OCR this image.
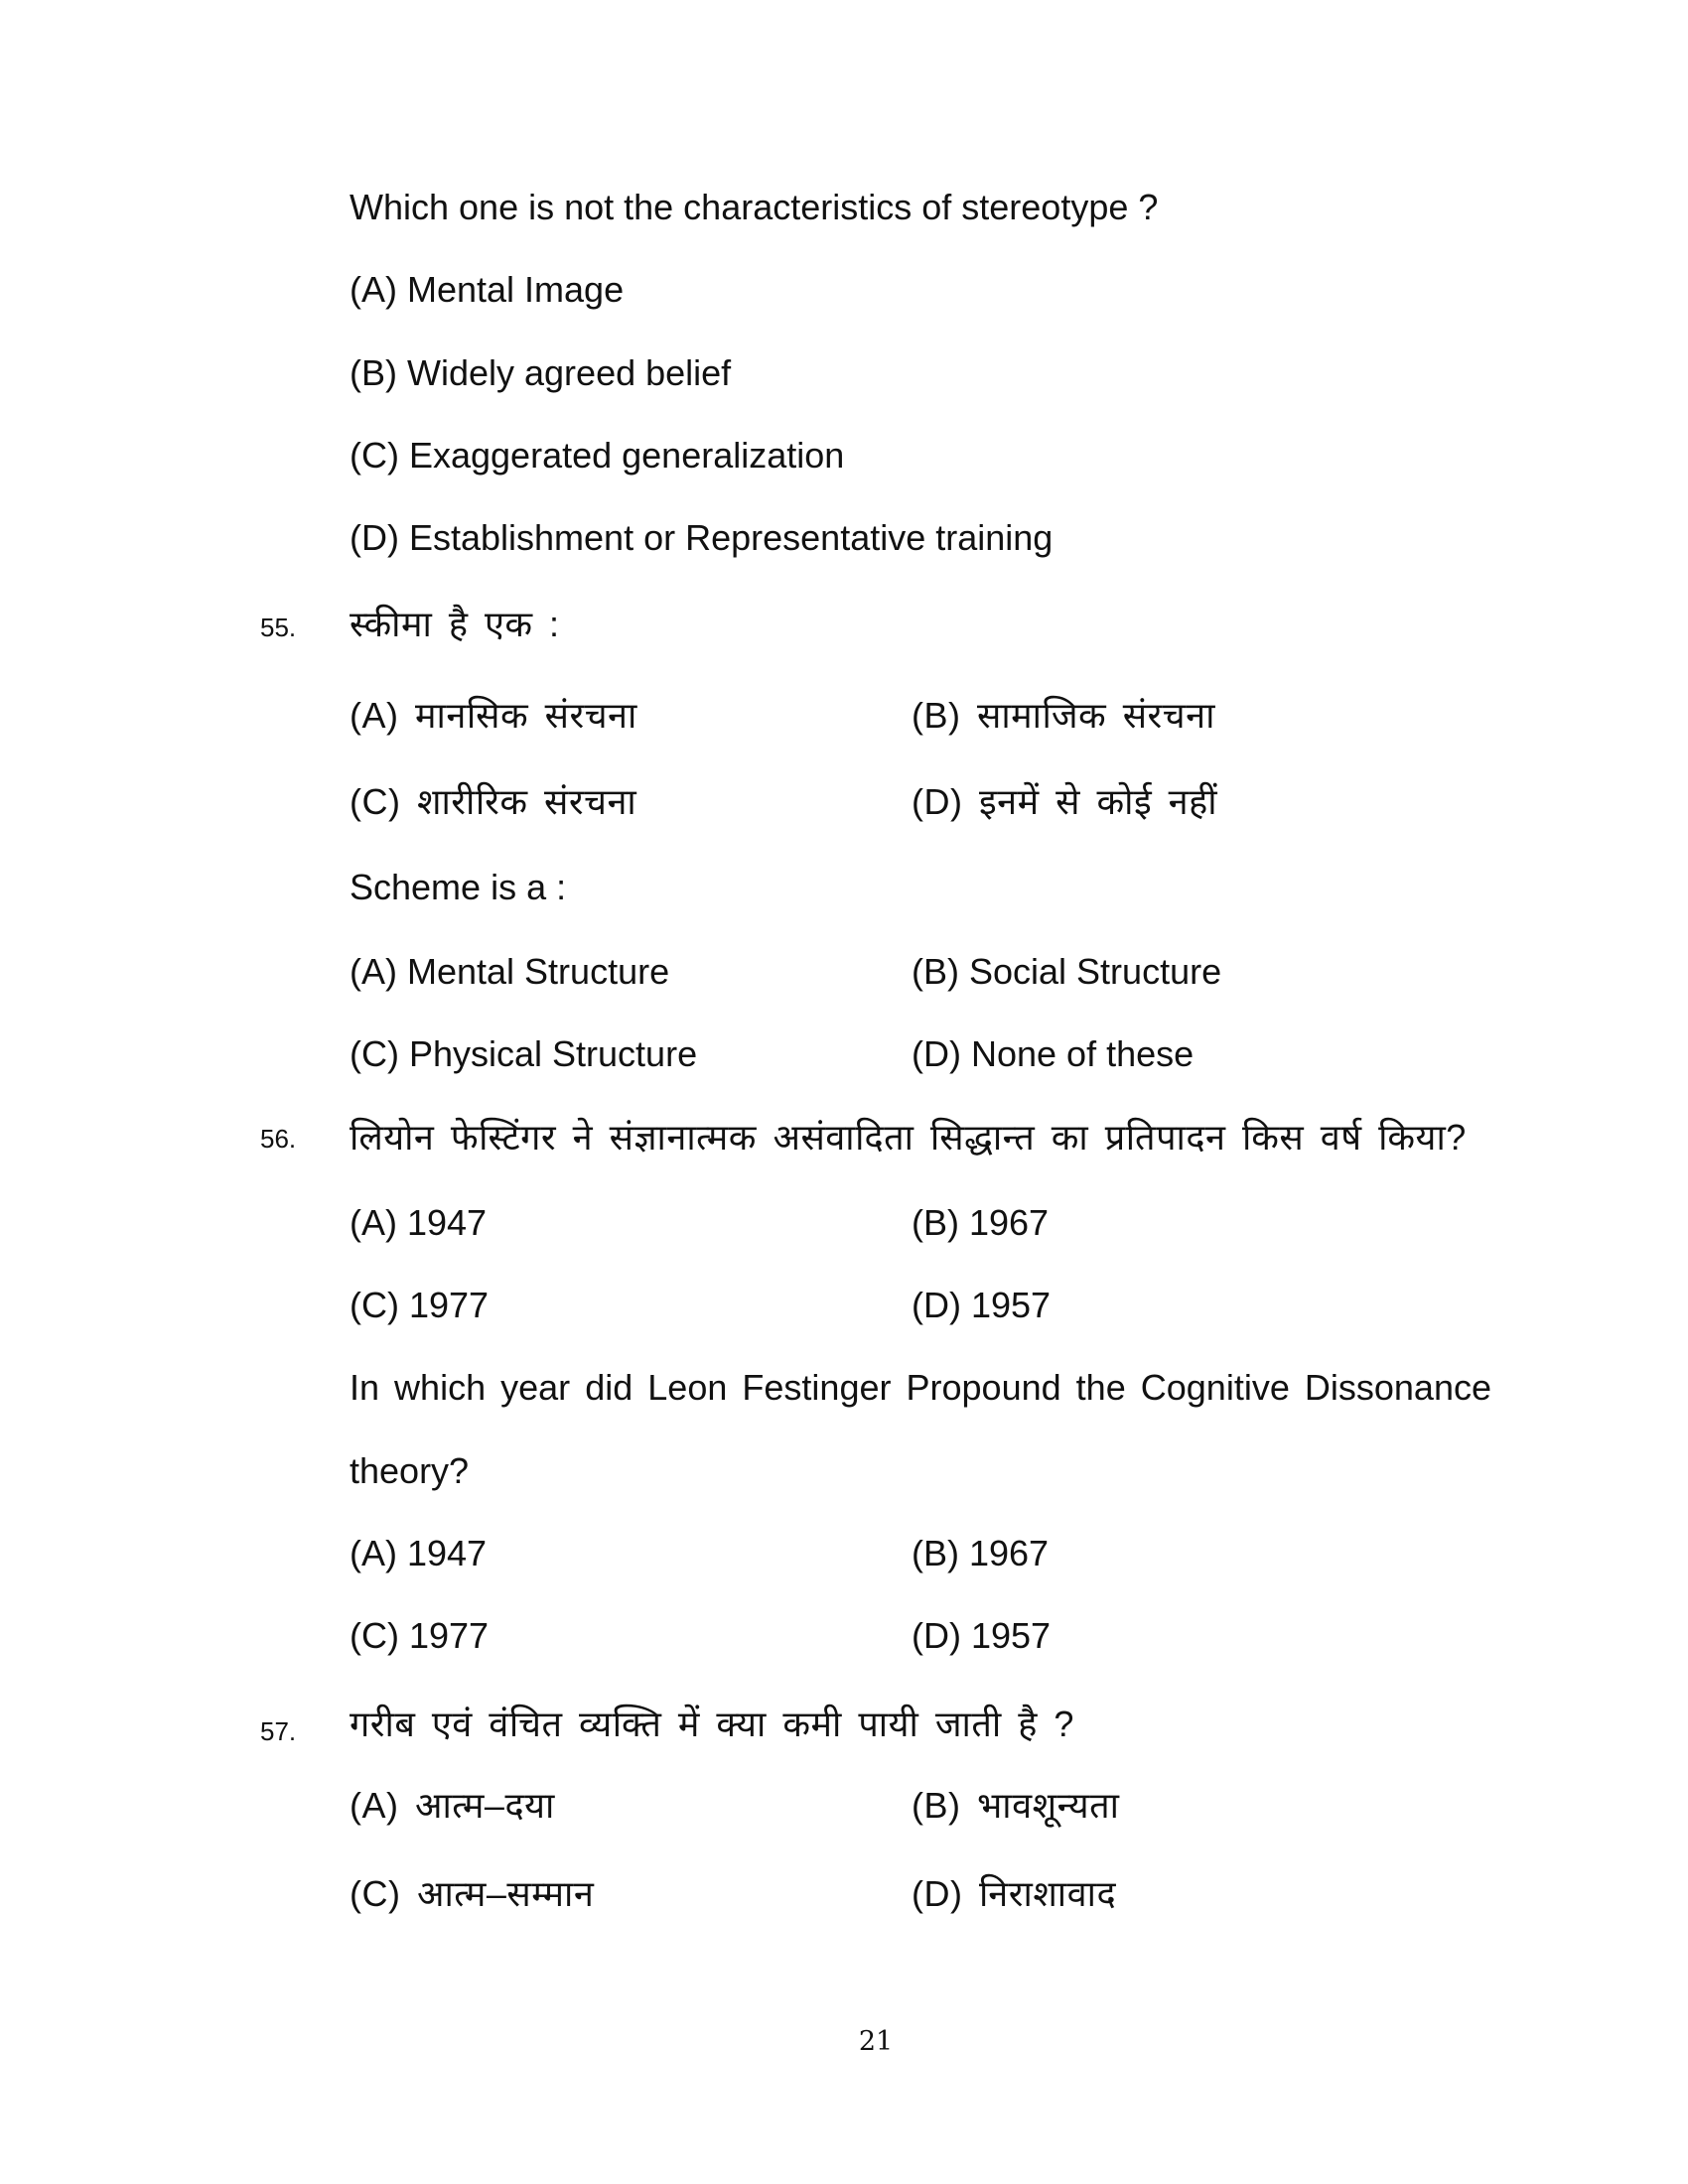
Which one is not the characteristics of stereotype ?
(A) Mental Image
(B) Widely agreed belief
(C) Exaggerated generalization
(D) Establishment or Representative training
55. स्कीमा है एक :
(A) मानसिक संरचना	(B) सामाजिक संरचना
(C) शारीरिक संरचना	(D) इनमें से कोई नहीं
Scheme is a :
(A) Mental Structure	(B) Social Structure
(C) Physical Structure	(D) None of these
56. लियोन फेस्टिंगर ने संज्ञानात्मक असंवादिता सिद्धान्त का प्रतिपादन किस वर्ष किया?
(A) 1947	(B) 1967
(C) 1977	(D) 1957
In which year did Leon Festinger Propound the Cognitive Dissonance
theory?
(A) 1947	(B) 1967
(C) 1977	(D) 1957
57. गरीब एवं वंचित व्यक्ति में क्या कमी पायी जाती है ?
(A) आत्म–दया	(B) भावशून्यता
(C) आत्म–सम्मान	(D) निराशावाद
21
